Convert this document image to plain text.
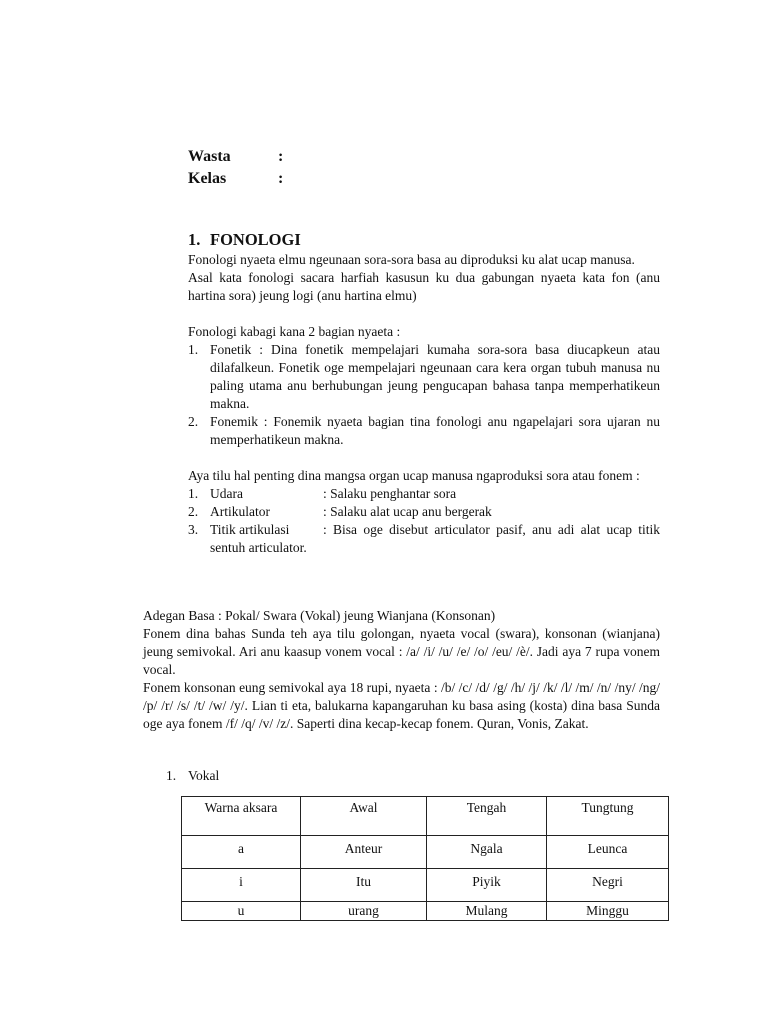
Wasta	:
Kelas	:
1. FONOLOGI

Fonologi nyaeta elmu ngeunaan sora-sora basa au diproduksi ku alat ucap manusa.

Asal kata fonologi sacara harfiah kasusun ku dua gabungan nyaeta kata fon (anu hartina sora) jeung logi (anu hartina elmu)

Fonologi kabagi kana 2 bagian nyaeta :

1. Fonetik : Dina fonetik mempelajari kumaha sora-sora basa diucapkeun atau dilafalkeun. Fonetik oge mempelajari ngeunaan cara kera organ tubuh manusa nu paling utama anu berhubungan jeung pengucapan bahasa tanpa memperhatikeun makna.
2. Fonemik : Fonemik nyaeta bagian tina fonologi anu ngapelajari sora ujaran nu memperhatikeun makna.

Aya tilu hal penting dina mangsa organ ucap manusa ngaproduksi sora atau fonem :

1. Udara	: Salaku penghantar sora
2. Artikulator	: Salaku alat ucap anu bergerak
3. Titik artikulasi : Bisa oge disebut articulator pasif, anu adi alat ucap titik sentuh articulator.

Adegan Basa : Pokal/ Swara (Vokal) jeung Wianjana (Konsonan)

Fonem dina bahas Sunda teh aya tilu golongan, nyaeta vocal (swara), konsonan (wianjana) jeung semivokal. Ari anu kaasup vonem vocal : /a/ /i/ /u/ /e/ /o/ /eu/ /è/. Jadi aya 7 rupa vonem vocal.

Fonem konsonan eung semivokal aya 18 rupi, nyaeta : /b/ /c/ /d/ /g/ /h/ /j/ /k/ /l/ /m/ /n/ /ny/ /ng/ /p/ /r/ /s/ /t/ /w/ /y/. Lian ti eta, balukarna kapangaruhan ku basa asing (kosta) dina basa Sunda oge aya fonem /f/ /q/ /v/ /z/. Saperti dina kecap-kecap fonem. Quran, Vonis, Zakat.

1. Vokal
Warna aksara	Awal	Tengah	Tungtung
a	Anteur	Ngala	Leunca
i	Itu	Piyik	Negri
u	urang	Mulang	Minggu
